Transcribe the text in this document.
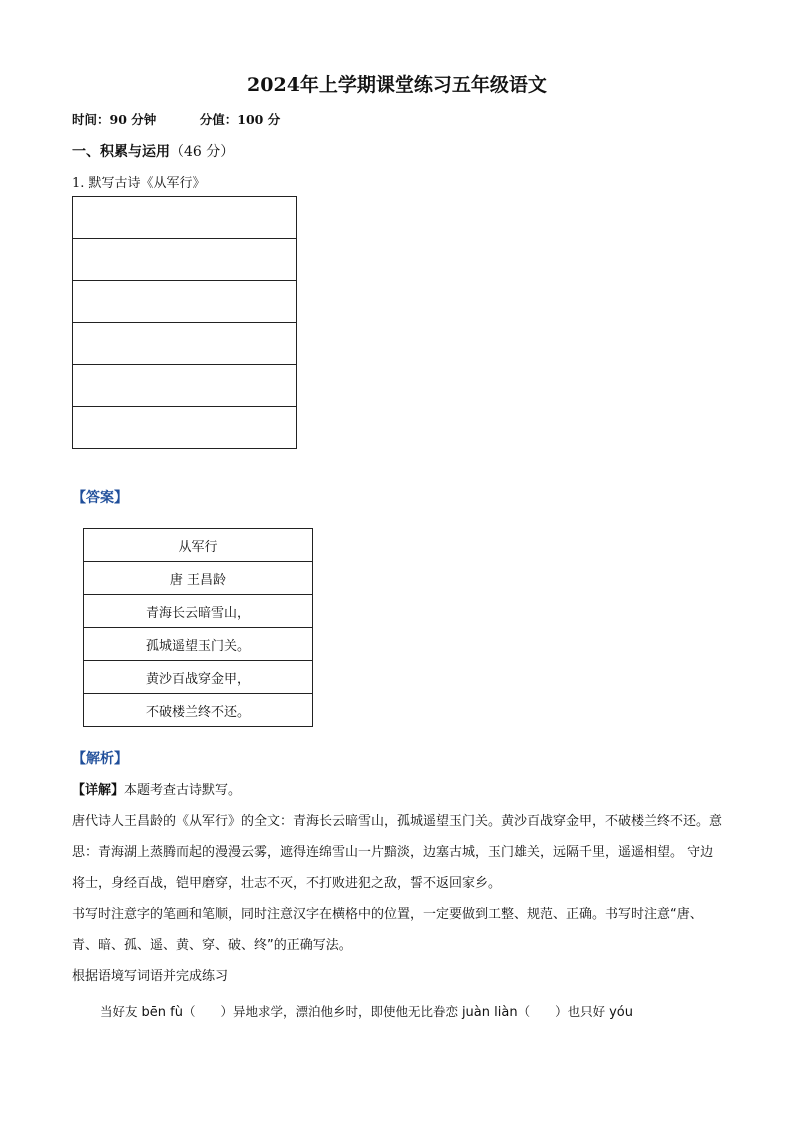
2024年上学期课堂练习五年级语文
时间：90 分钟	分值：100 分
一、积累与运用（46 分）
1. 默写古诗《从军行》

【答案】
从军行
唐 王昌龄
青海长云暗雪山，
孤城遥望玉门关。
黄沙百战穿金甲，
不破楼兰终不还。
【解析】
【详解】本题考查古诗默写。
唐代诗人王昌龄的《从军行》的全文：青海长云暗雪山，孤城遥望玉门关。黄沙百战穿金甲，不破楼兰终不还。意思：青海湖上蒸腾而起的漫漫云雾，遮得连绵雪山一片黯淡，边塞古城，玉门雄关，远隔千里，遥遥相望。 守边将士，身经百战，铠甲磨穿，壮志不灭，不打败进犯之敌，誓不返回家乡。
书写时注意字的笔画和笔顺，同时注意汉字在横格中的位置，一定要做到工整、规范、正确。书写时注意“唐、青、暗、孤、遥、黄、穿、破、终”的正确写法。
根据语境写词语并完成练习
当好友 bēn fù（　　）异地求学，漂泊他乡时，即使他无比眷恋 juàn liàn（　　）也只好 yóu
